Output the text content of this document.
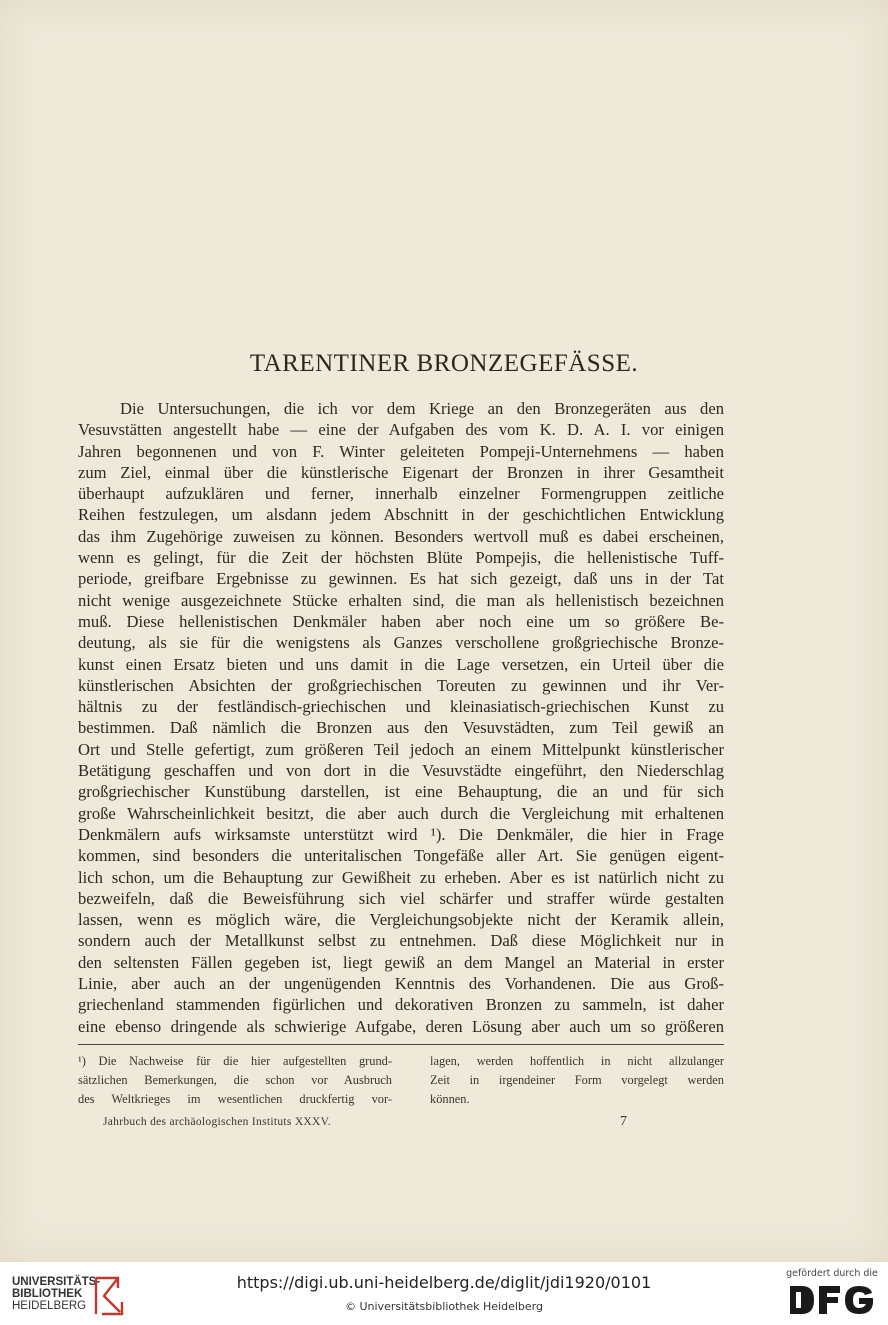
TARENTINER BRONZEGEFÄSSE.
Die Untersuchungen, die ich vor dem Kriege an den Bronzegeräten aus den
Vesuvstätten angestellt habe — eine der Aufgaben des vom K. D. A. I. vor einigen
Jahren begonnenen und von F. Winter geleiteten Pompeji-Unternehmens — haben
zum Ziel, einmal über die künstlerische Eigenart der Bronzen in ihrer Gesamtheit
überhaupt aufzuklären und ferner, innerhalb einzelner Formengruppen zeitliche
Reihen festzulegen, um alsdann jedem Abschnitt in der geschichtlichen Entwicklung
das ihm Zugehörige zuweisen zu können. Besonders wertvoll muß es dabei erscheinen,
wenn es gelingt, für die Zeit der höchsten Blüte Pompejis, die hellenistische Tuff-
periode, greifbare Ergebnisse zu gewinnen. Es hat sich gezeigt, daß uns in der Tat
nicht wenige ausgezeichnete Stücke erhalten sind, die man als hellenistisch bezeichnen
muß. Diese hellenistischen Denkmäler haben aber noch eine um so größere Be-
deutung, als sie für die wenigstens als Ganzes verschollene großgriechische Bronze-
kunst einen Ersatz bieten und uns damit in die Lage versetzen, ein Urteil über die
künstlerischen Absichten der großgriechischen Toreuten zu gewinnen und ihr Ver-
hältnis zu der festländisch-griechischen und kleinasiatisch-griechischen Kunst zu
bestimmen. Daß nämlich die Bronzen aus den Vesuvstädten, zum Teil gewiß an
Ort und Stelle gefertigt, zum größeren Teil jedoch an einem Mittelpunkt künstlerischer
Betätigung geschaffen und von dort in die Vesuvstädte eingeführt, den Niederschlag
großgriechischer Kunstübung darstellen, ist eine Behauptung, die an und für sich
große Wahrscheinlichkeit besitzt, die aber auch durch die Vergleichung mit erhaltenen
Denkmälern aufs wirksamste unterstützt wird ¹). Die Denkmäler, die hier in Frage
kommen, sind besonders die unteritalischen Tongefäße aller Art. Sie genügen eigent-
lich schon, um die Behauptung zur Gewißheit zu erheben. Aber es ist natürlich nicht zu
bezweifeln, daß die Beweisführung sich viel schärfer und straffer würde gestalten
lassen, wenn es möglich wäre, die Vergleichungsobjekte nicht der Keramik allein,
sondern auch der Metallkunst selbst zu entnehmen. Daß diese Möglichkeit nur in
den seltensten Fällen gegeben ist, liegt gewiß an dem Mangel an Material in erster
Linie, aber auch an der ungenügenden Kenntnis des Vorhandenen. Die aus Groß-
griechenland stammenden figürlichen und dekorativen Bronzen zu sammeln, ist daher
eine ebenso dringende als schwierige Aufgabe, deren Lösung aber auch um so größeren
¹) Die Nachweise für die hier aufgestellten grund-
sätzlichen Bemerkungen, die schon vor Ausbruch
des Weltkrieges im wesentlichen druckfertig vor-
lagen, werden hoffentlich in nicht allzulanger
Zeit in irgendeiner Form vorgelegt werden
können.
Jahrbuch des archäologischen Instituts XXXV.	7
UNIVERSITÄTS-
BIBLIOTHEK
HEIDELBERG
https://digi.ub.uni-heidelberg.de/diglit/jdi1920/0101
© Universitätsbibliothek Heidelberg
gefördert durch die
